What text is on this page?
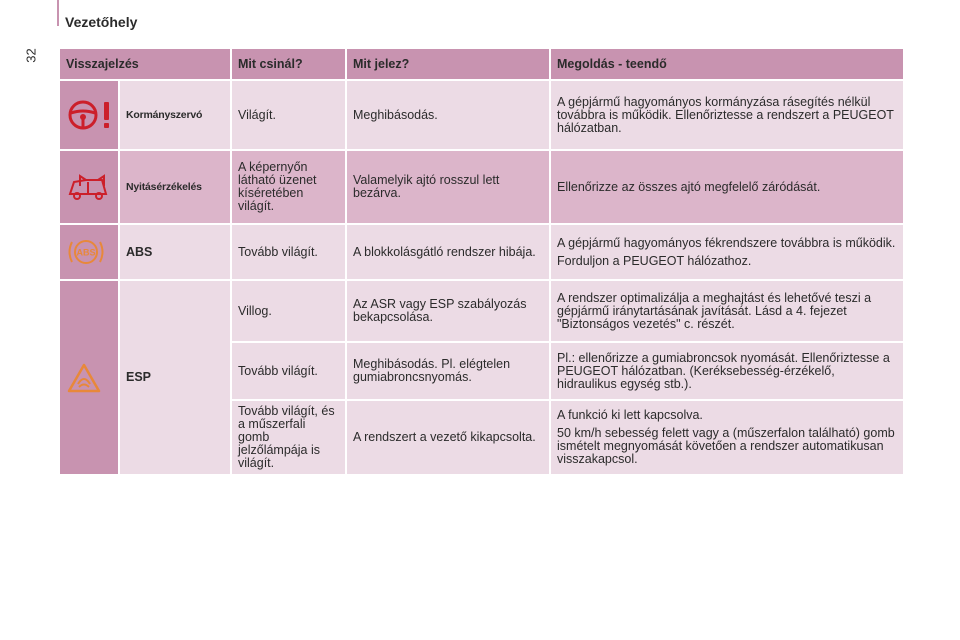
Vezetőhely
32
Visszajelzés		Mit csinál?	Mit jelez?	Megoldás - teendő
	Kormányszervó	Világít.	Meghibásodás.	A gépjármű hagyományos kormányzása rásegítés nélkül továbbra is működik. Ellenőriztesse a rendszert a PEUGEOT hálózatban.

	Nyitásérzékelés	A képernyőn látható üzenet kíséretében világít.	Valamelyik ajtó rosszul lett bezárva.	Ellenőrizze az összes ajtó megfelelő záródását.

ABS	ABS	Tovább világít.	A blokkolásgátló rendszer hibája.	A gépjármű hagyományos fékrendszere továbbra is működik.

Forduljon a PEUGEOT hálózathoz.

	ESP	Villog.	Az ASR vagy ESP szabályozás bekapcsolása.	A rendszer optimalizálja a meghajtást és lehetővé teszi a gépjármű iránytartásának javítását. Lásd a 4. fejezet "Biztonságos vezetés" c. részét.

		Tovább világít.	Meghibásodás. Pl. elégtelen gumiabroncsnyomás.	Pl.: ellenőrizze a gumiabroncsok nyomását. Ellenőriztesse a PEUGEOT hálózatban. (Keréksebesség-érzékelő, hidraulikus egység stb.).

		Tovább világít, és a műszerfali gomb jelzőlámpája is világít.	A rendszert a vezető kikapcsolta.	A funkció ki lett kapcsolva.

50 km/h sebesség felett vagy a (műszerfalon található) gomb ismételt megnyomását követően a rendszer automatikusan visszakapcsol.
